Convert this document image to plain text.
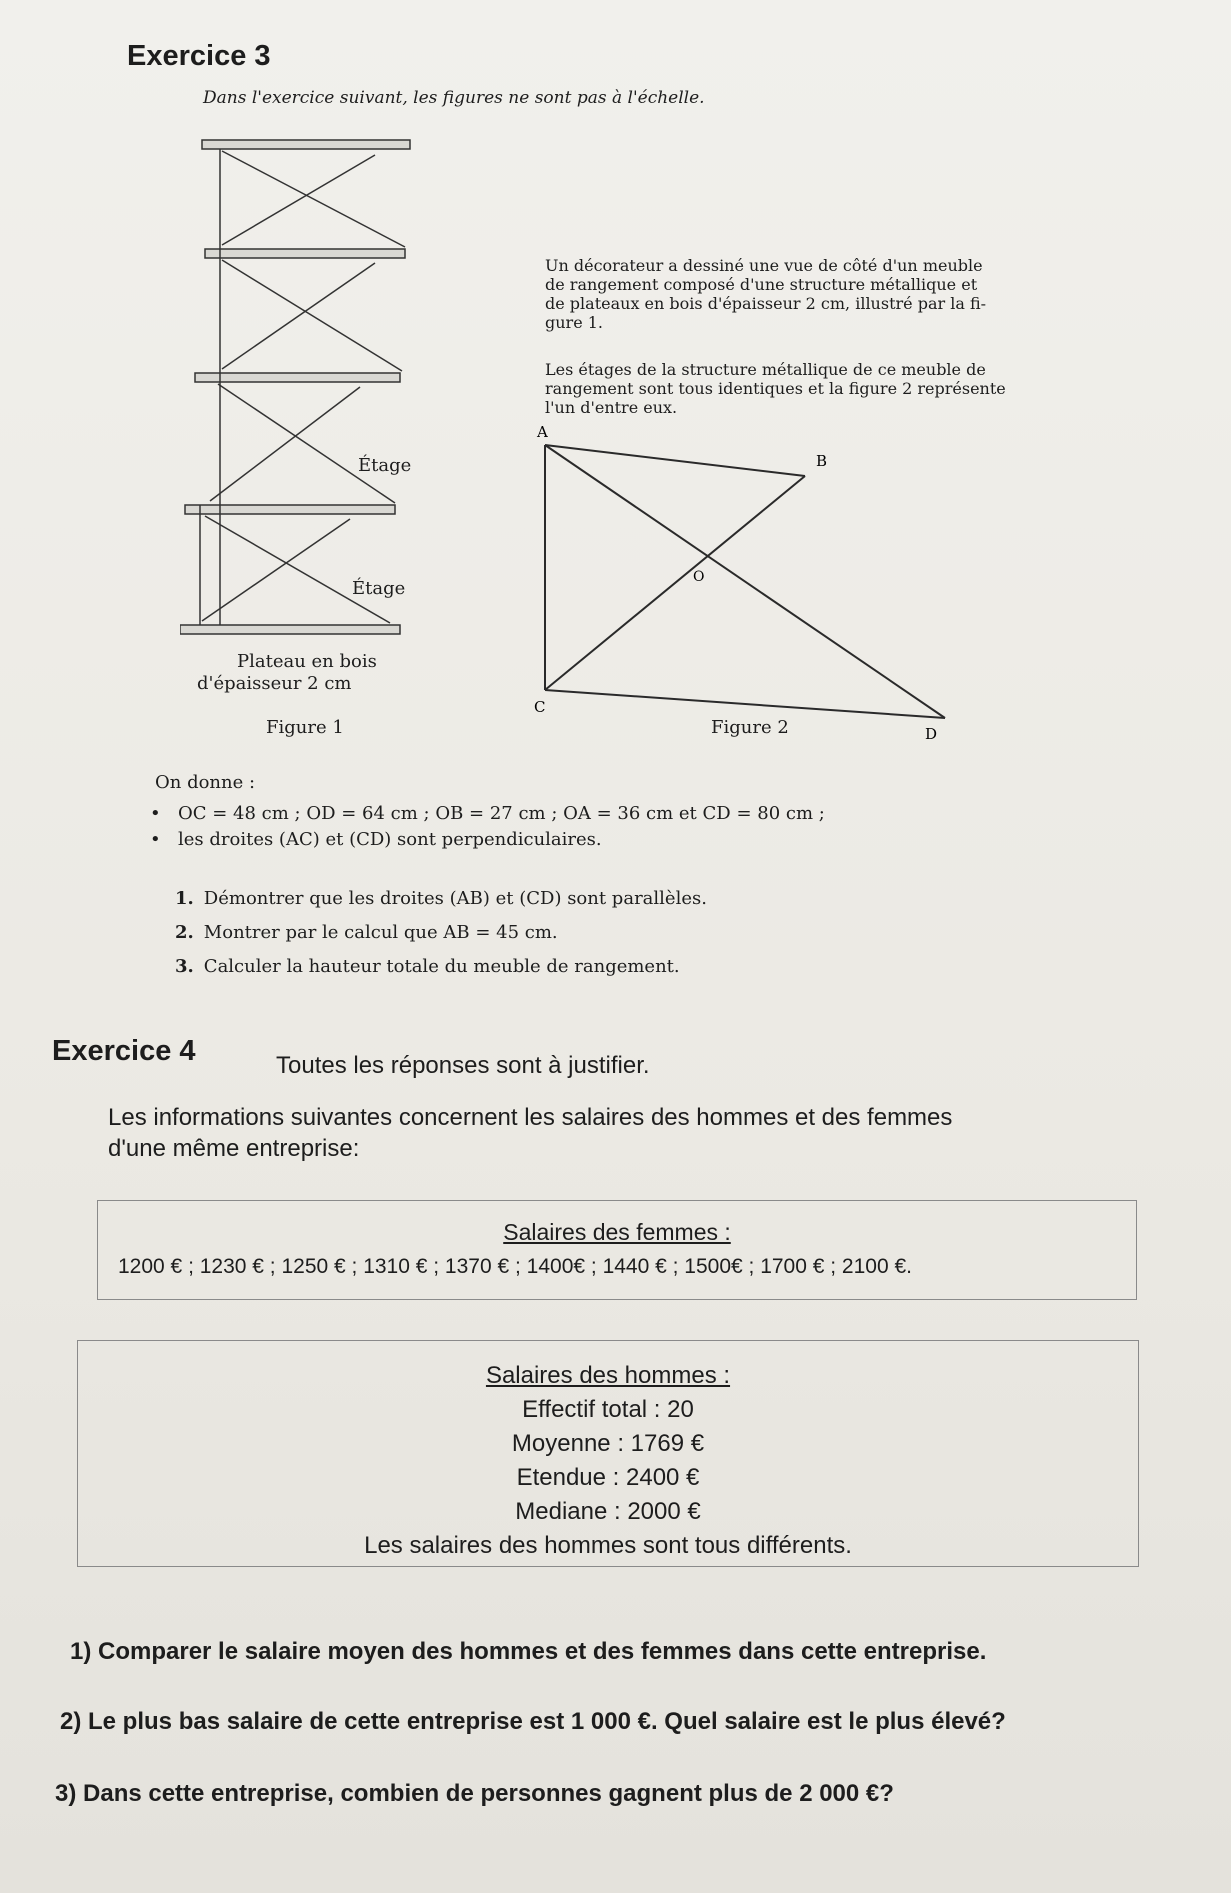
Exercice 3
Dans l'exercice suivant, les figures ne sont pas à l'échelle.
Étage
Étage
Plateau en bois
d'épaisseur 2 cm
Figure 1
Un décorateur a dessiné une vue de côté d'un meuble
de rangement composé d'une structure métallique et
de plateaux en bois d'épaisseur 2 cm, illustré par la fi-
gure 1.
Les étages de la structure métallique de ce meuble de
rangement sont tous identiques et la figure 2 représente
l'un d'entre eux.
A
B
O
C
D
Figure 2
On donne :
• OC = 48 cm ; OD = 64 cm ; OB = 27 cm ; OA = 36 cm et CD = 80 cm ;
• les droites (AC) et (CD) sont perpendiculaires.
1. Démontrer que les droites (AB) et (CD) sont parallèles.
2. Montrer par le calcul que AB = 45 cm.
3. Calculer la hauteur totale du meuble de rangement.
Exercice 4	Toutes les réponses sont à justifier.
Les informations suivantes concernent les salaires des hommes et des femmes
d'une même entreprise:
Salaires des femmes :
1200 € ; 1230 € ; 1250 € ; 1310 € ; 1370 € ; 1400€ ; 1440 € ; 1500€ ; 1700 € ; 2100 €.
Salaires des hommes :
Effectif total : 20
Moyenne : 1769 €
Etendue : 2400 €
Mediane : 2000 €
Les salaires des hommes sont tous différents.
1) Comparer le salaire moyen des hommes et des femmes dans cette entreprise.
2) Le plus bas salaire de cette entreprise est 1 000 €. Quel salaire est le plus élevé?
3) Dans cette entreprise, combien de personnes gagnent plus de 2 000 €?
